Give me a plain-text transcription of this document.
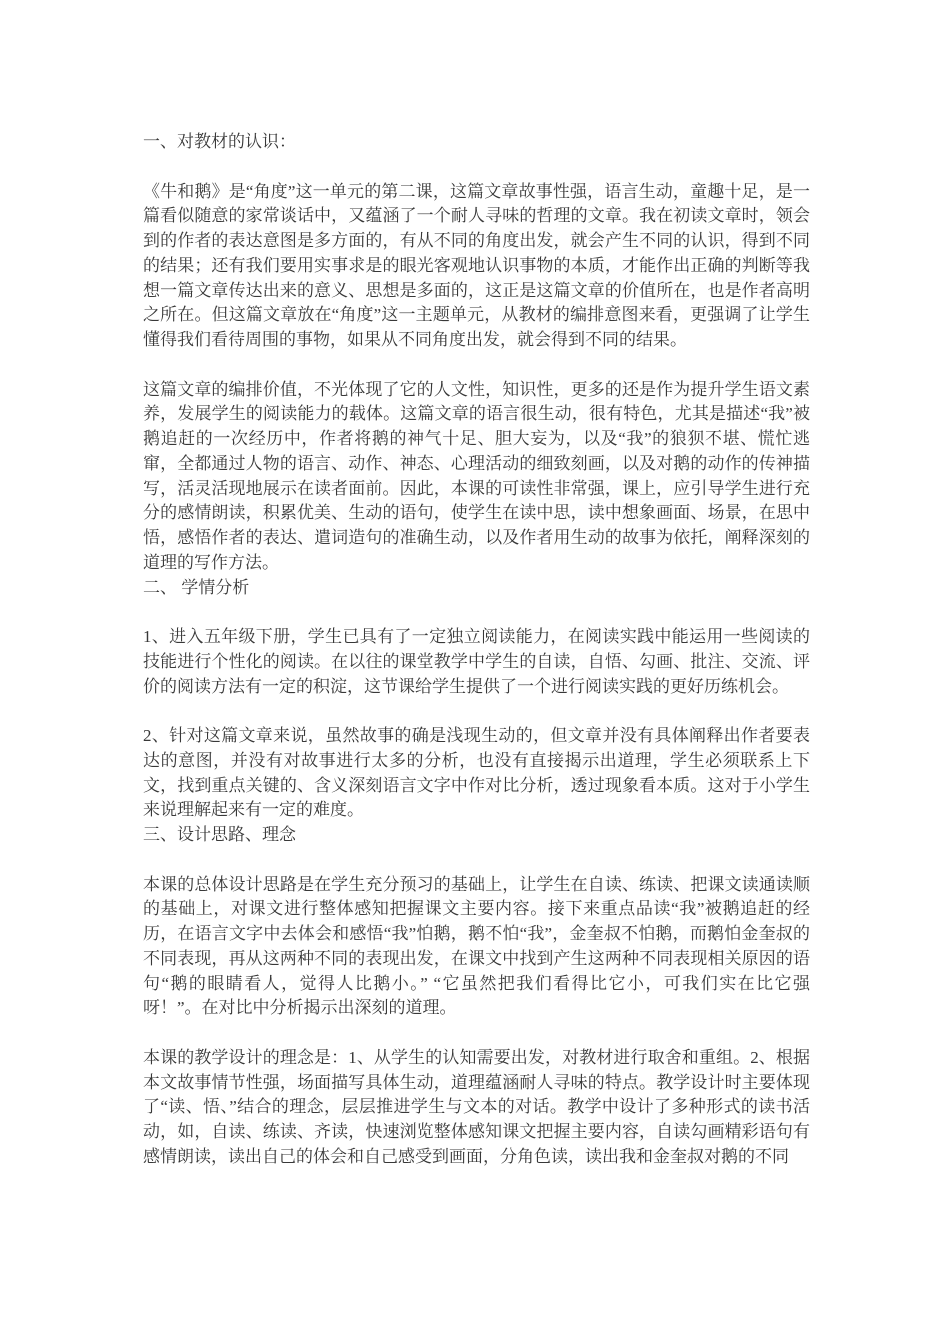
一、对教材的认识：

《牛和鹅》是“角度”这一单元的第二课，这篇文章故事性强，语言生动，童趣十足，是一篇看似随意的家常谈话中，又蕴涵了一个耐人寻味的哲理的文章。我在初读文章时，领会到的作者的表达意图是多方面的，有从不同的角度出发，就会产生不同的认识，得到不同的结果；还有我们要用实事求是的眼光客观地认识事物的本质，才能作出正确的判断等我想一篇文章传达出来的意义、思想是多面的，这正是这篇文章的价值所在，也是作者高明之所在。但这篇文章放在“角度”这一主题单元，从教材的编排意图来看，更强调了让学生懂得我们看待周围的事物，如果从不同角度出发，就会得到不同的结果。

这篇文章的编排价值，不光体现了它的人文性，知识性，更多的还是作为提升学生语文素养，发展学生的阅读能力的载体。这篇文章的语言很生动，很有特色，尤其是描述“我”被鹅追赶的一次经历中，作者将鹅的神气十足、胆大妄为，以及“我”的狼狈不堪、慌忙逃窜，全都通过人物的语言、动作、神态、心理活动的细致刻画，以及对鹅的动作的传神描写，活灵活现地展示在读者面前。因此，本课的可读性非常强，课上，应引导学生进行充分的感情朗读，积累优美、生动的语句，使学生在读中思，读中想象画面、场景，在思中悟，感悟作者的表达、遣词造句的准确生动，以及作者用生动的故事为依托，阐释深刻的道理的写作方法。

二、 学情分析

1、进入五年级下册，学生已具有了一定独立阅读能力，在阅读实践中能运用一些阅读的技能进行个性化的阅读。在以往的课堂教学中学生的自读，自悟、勾画、批注、交流、评价的阅读方法有一定的积淀，这节课给学生提供了一个进行阅读实践的更好历练机会。

2、针对这篇文章来说，虽然故事的确是浅现生动的，但文章并没有具体阐释出作者要表达的意图，并没有对故事进行太多的分析，也没有直接揭示出道理，学生必须联系上下文，找到重点关键的、含义深刻语言文字中作对比分析，透过现象看本质。这对于小学生来说理解起来有一定的难度。

三、设计思路、理念

本课的总体设计思路是在学生充分预习的基础上，让学生在自读、练读、把课文读通读顺的基础上，对课文进行整体感知把握课文主要内容。接下来重点品读“我”被鹅追赶的经历，在语言文字中去体会和感悟“我”怕鹅，鹅不怕“我”，金奎叔不怕鹅，而鹅怕金奎叔的不同表现，再从这两种不同的表现出发，在课文中找到产生这两种不同表现相关原因的语句“鹅的眼睛看人，觉得人比鹅小。” “它虽然把我们看得比它小，可我们实在比它强呀！”。在对比中分析揭示出深刻的道理。

本课的教学设计的理念是：1、从学生的认知需要出发，对教材进行取舍和重组。2、根据本文故事情节性强，场面描写具体生动，道理蕴涵耐人寻味的特点。教学设计时主要体现了“读、悟、”结合的理念，层层推进学生与文本的对话。教学中设计了多种形式的读书活动，如，自读、练读、齐读，快速浏览整体感知课文把握主要内容，自读勾画精彩语句有感情朗读，读出自己的体会和自己感受到画面，分角色读，读出我和金奎叔对鹅的不同
